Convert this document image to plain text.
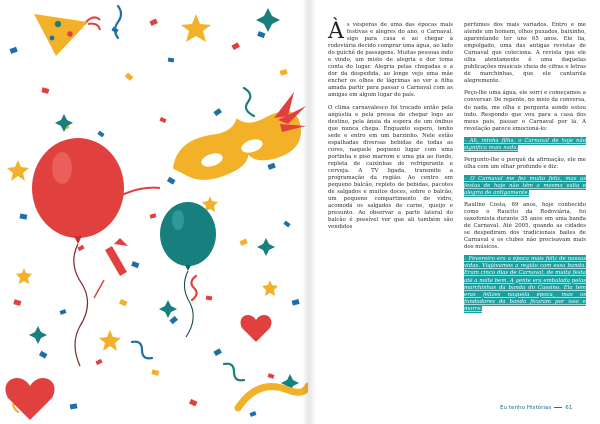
Às vésperas de uma das épocas mais festivas e alegres do ano, o Carnaval, sigo para casa e ao chegar à rodoviária decido comprar uma água, ao lado do guichê de passagens. Muitas pessoas indo e vindo, um misto de alegria e dor toma conta do lugar. Alegria pelas chegadas e a dor da despedida, ao longe vejo uma mãe encher os olhos de lágrimas ao ver a filha amada partir para passar o Carnaval com as amigas em algum lugar do país.

O clima carnavalesco foi trocado então pela angústia e pela pressa de chegar logo ao destino, pela ânsia da espera de um ônibus que nunca chega. Enquanto espero, tenho sede e entro em um barzinho. Nele estão espalhadas diversas bebidas de todas as cores, naquele pequeno lugar com uma portinha e piso marrom e uma pia ao fundo, repleta de caixinhas de refrigerante e cerveja. A TV ligada, transmite a programação da região. Ao centro um pequeno balcão, repleto de bebidas, pacotes de salgados e muitos doces, sobre o balcão, um pequeno compartimento de vidro, acomoda os salgados de carne, queijo e presunto. Ao observar a parte lateral do balcão é possível ver que ali também são vendidos

perfumes dos mais variados. Entro e me atende um homem, olhos puxados, baixinho, aparentando ter uns 65 anos. Ele lia, empolgado, uma das antigas revistas de Carnaval que coleciona. A revista que ele olha atentamente é uma daquelas publicações musicais cheia de cifras e letras de marchinhas, que ele cantarola alegremente.

Peço-lhe uma água, ele sorri e começamos a conversar. De repente, no meio da conversa, do nada, me olha e pergunta aonde estou indo. Respondo que vou para a casa dos meus pais, passar o Carnaval por lá. A revelação parece emocioná-lo:

– Ah, minha filha, o Carnaval de hoje não significa mais nada.

Pergunto-lhe o porquê da afirmação, ele me olha com um olhar profundo e diz:

– O Carnaval me fez muito feliz, mas as festas de hoje não têm a mesma valia e alegria de antigamente.

Raulino Costa, 69 anos, hoje conhecido como o Raucito da Rodoviária, foi saxofonista durante 35 anos em uma banda de Carnaval. Até 2005, quando as cidades se despediram dos tradicionais bailes de Carnaval e os clubes não precisavam mais dos músicos.

– Fevereiro era a época mais feliz de nossas vidas. Viajávamos a região com essa banda. Eram cinco dias de Carnaval, de muita festa até a noite bem. A gente era embalada pelas marchinhas da banda do Cassino. Ela tem eras felizes naquela época, mas os fundadores da banda ficaram por isso e morre.

Eu tenho Histórias	61
